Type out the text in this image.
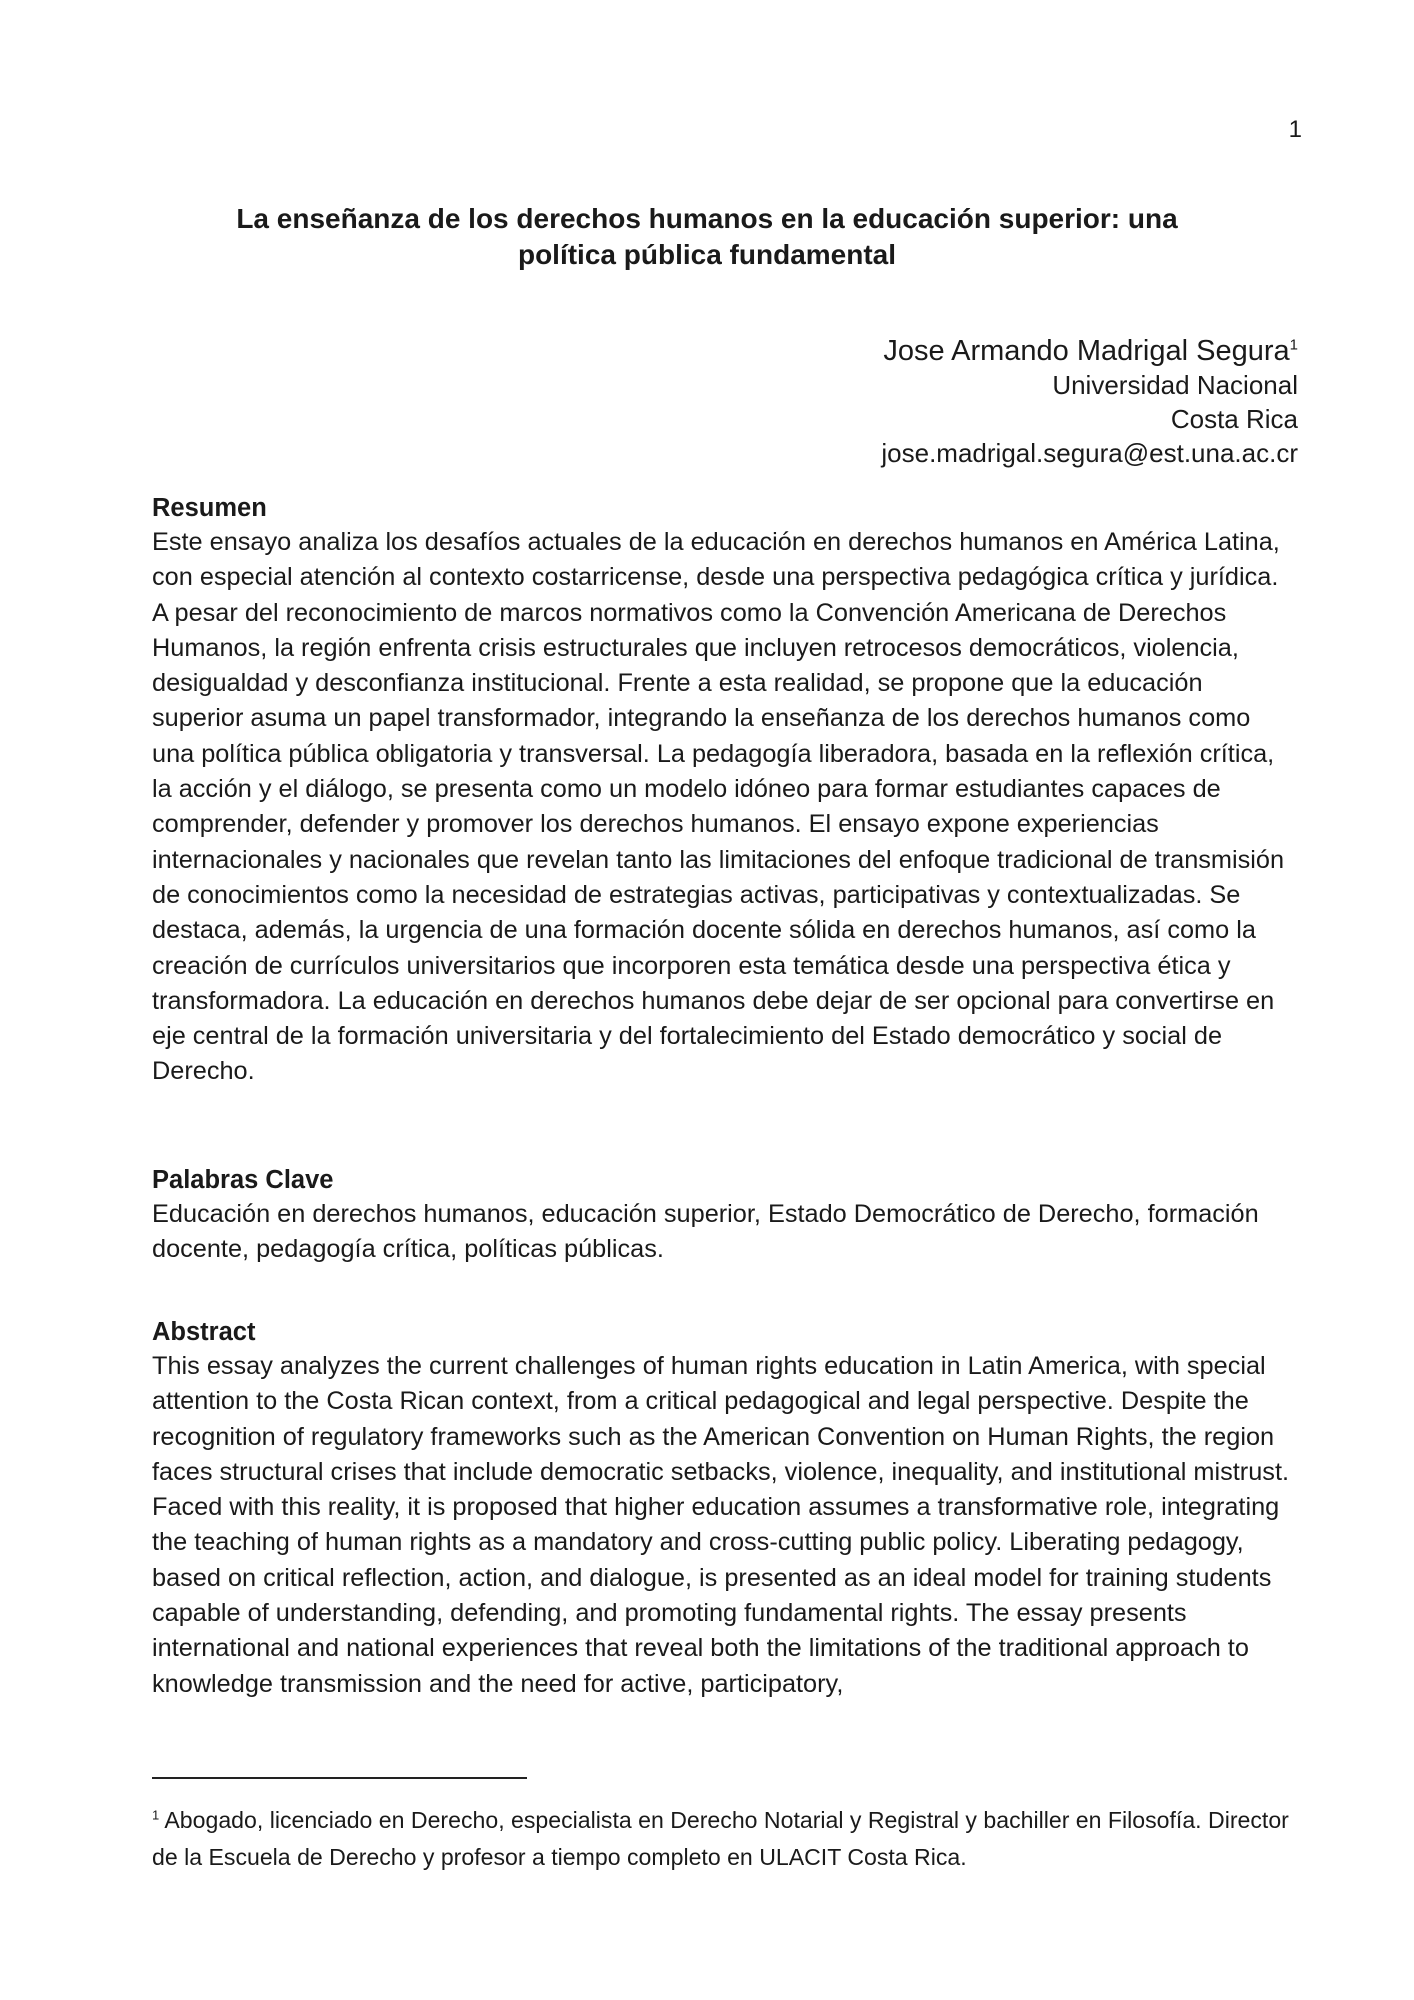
1
La enseñanza de los derechos humanos en la educación superior: una
política pública fundamental
Jose Armando Madrigal Segura$^1$
Universidad Nacional
Costa Rica
jose.madrigal.segura@est.una.ac.cr
Resumen

Este ensayo analiza los desafíos actuales de la educación en derechos humanos en América Latina, con especial atención al contexto costarricense, desde una perspectiva pedagógica crítica y jurídica. A pesar del reconocimiento de marcos normativos como la Convención Americana de Derechos Humanos, la región enfrenta crisis estructurales que incluyen retrocesos democráticos, violencia, desigualdad y desconfianza institucional. Frente a esta realidad, se propone que la educación superior asuma un papel transformador, integrando la enseñanza de los derechos humanos como una política pública obligatoria y transversal. La pedagogía liberadora, basada en la reflexión crítica, la acción y el diálogo, se presenta como un modelo idóneo para formar estudiantes capaces de comprender, defender y promover los derechos humanos. El ensayo expone experiencias internacionales y nacionales que revelan tanto las limitaciones del enfoque tradicional de transmisión de conocimientos como la necesidad de estrategias activas, participativas y contextualizadas. Se destaca, además, la urgencia de una formación docente sólida en derechos humanos, así como la creación de currículos universitarios que incorporen esta temática desde una perspectiva ética y transformadora. La educación en derechos humanos debe dejar de ser opcional para convertirse en eje central de la formación universitaria y del fortalecimiento del Estado democrático y social de Derecho.

Palabras Clave

Educación en derechos humanos, educación superior, Estado Democrático de Derecho, formación docente, pedagogía crítica, políticas públicas.

Abstract

This essay analyzes the current challenges of human rights education in Latin America, with special attention to the Costa Rican context, from a critical pedagogical and legal perspective. Despite the recognition of regulatory frameworks such as the American Convention on Human Rights, the region faces structural crises that include democratic setbacks, violence, inequality, and institutional mistrust. Faced with this reality, it is proposed that higher education assumes a transformative role, integrating the teaching of human rights as a mandatory and cross-cutting public policy. Liberating pedagogy, based on critical reflection, action, and dialogue, is presented as an ideal model for training students capable of understanding, defending, and promoting fundamental rights. The essay presents international and national experiences that reveal both the limitations of the traditional approach to knowledge transmission and the need for active, participatory,

$^1$ Abogado, licenciado en Derecho, especialista en Derecho Notarial y Registral y bachiller en Filosofía. Director de la Escuela de Derecho y profesor a tiempo completo en ULACIT Costa Rica.
